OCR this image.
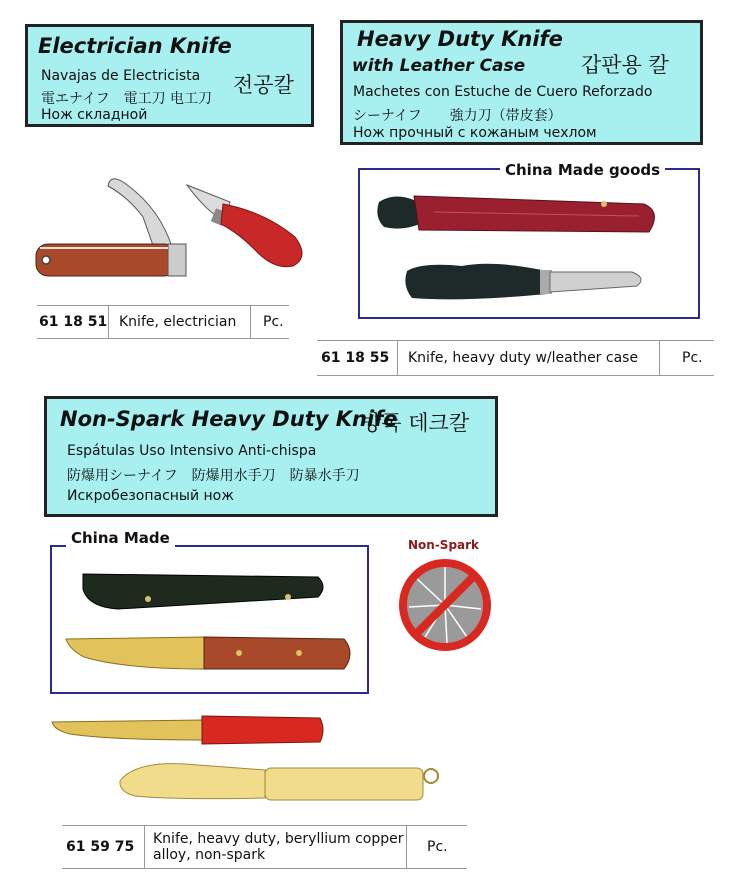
Electrician Knife
Navajas de Electricista
電エナイフ　電工刀 电工刀
Нож складной
전공칼
61 18 51 Knife, electrician	Pc.
Heavy Duty Knife
with Leather Case	갑판용 칼
Machetes con Estuche de Cuero Reforzado
シーナイフ　　強力刀（帯皮套）
Нож прочный с кожаным чехлом
China Made goods
61 18 55	Knife, heavy duty w/leather case	Pc.
Non-Spark Heavy Duty Knife
방폭 데크칼
Espátulas Uso Intensivo Anti-chispa
防爆用シーナイフ　防爆用水手刀　防暴水手刀
Искробезопасный нож
China Made	Non-Spark
61 59 75	Knife, heavy duty, beryllium copper
alloy, non-spark	Pc.
